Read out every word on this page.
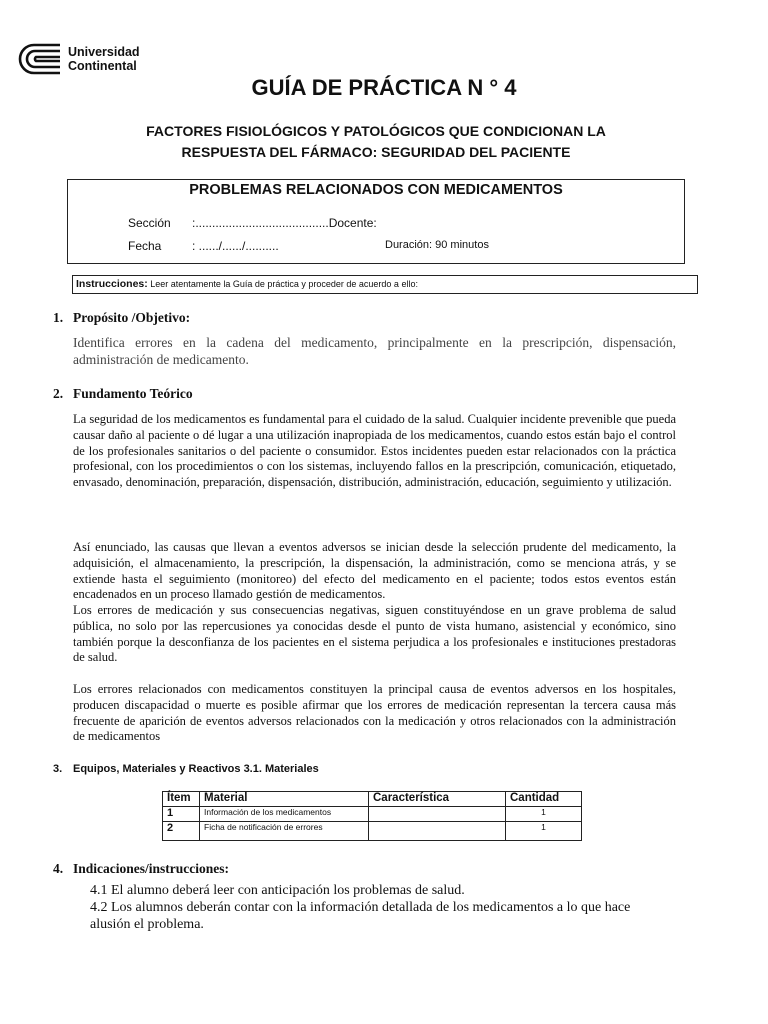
Universidad
Continental
GUÍA DE PRÁCTICA N ° 4
FACTORES FISIOLÓGICOS Y PATOLÓGICOS QUE CONDICIONAN LA
RESPUESTA DEL FÁRMACO: SEGURIDAD DEL PACIENTE
PROBLEMAS RELACIONADOS CON MEDICAMENTOS
Sección :........................................Docente:
Fecha	: ....../....../..........	Duración: 90 minutos
Instrucciones: Leer atentamente la Guía de práctica y proceder de acuerdo a ello:
1. Propósito /Objetivo:
Identifica errores en la cadena del medicamento, principalmente en la prescripción, dispensación, administración de medicamento.
2. Fundamento Teórico
La seguridad de los medicamentos es fundamental para el cuidado de la salud. Cualquier incidente prevenible que pueda causar daño al paciente o dé lugar a una utilización inapropiada de los medicamentos, cuando estos están bajo el control de los profesionales sanitarios o del paciente o consumidor. Estos incidentes pueden estar relacionados con la práctica profesional, con los procedimientos o con los sistemas, incluyendo fallos en la prescripción, comunicación, etiquetado, envasado, denominación, preparación, dispensación, distribución, administración, educación, seguimiento y utilización.
Así enunciado, las causas que llevan a eventos adversos se inician desde la selección prudente del medicamento, la adquisición, el almacenamiento, la prescripción, la dispensación, la administración, como se menciona atrás, y se extiende hasta el seguimiento (monitoreo) del efecto del medicamento en el paciente; todos estos eventos están encadenados en un proceso llamado gestión de medicamentos.
Los errores de medicación y sus consecuencias negativas, siguen constituyéndose en un grave problema de salud pública, no solo por las repercusiones ya conocidas desde el punto de vista humano, asistencial y económico, sino también porque la desconfianza de los pacientes en el sistema perjudica a los profesionales e instituciones prestadoras de salud.
Los errores relacionados con medicamentos constituyen la principal causa de eventos adversos en los hospitales, producen discapacidad o muerte es posible afirmar que los errores de medicación representan la tercera causa más frecuente de aparición de eventos adversos relacionados con la medicación y otros relacionados con la administración de medicamentos
3. Equipos, Materiales y Reactivos 3.1. Materiales
Ítem	Material	Característica	Cantidad
1	Información de los medicamentos		1
2	Ficha de notificación de errores		1
4. Indicaciones/instrucciones:
4.1 El alumno deberá leer con anticipación los problemas de salud.
4.2 Los alumnos deberán contar con la información detallada de los medicamentos a lo que hace alusión el problema.
